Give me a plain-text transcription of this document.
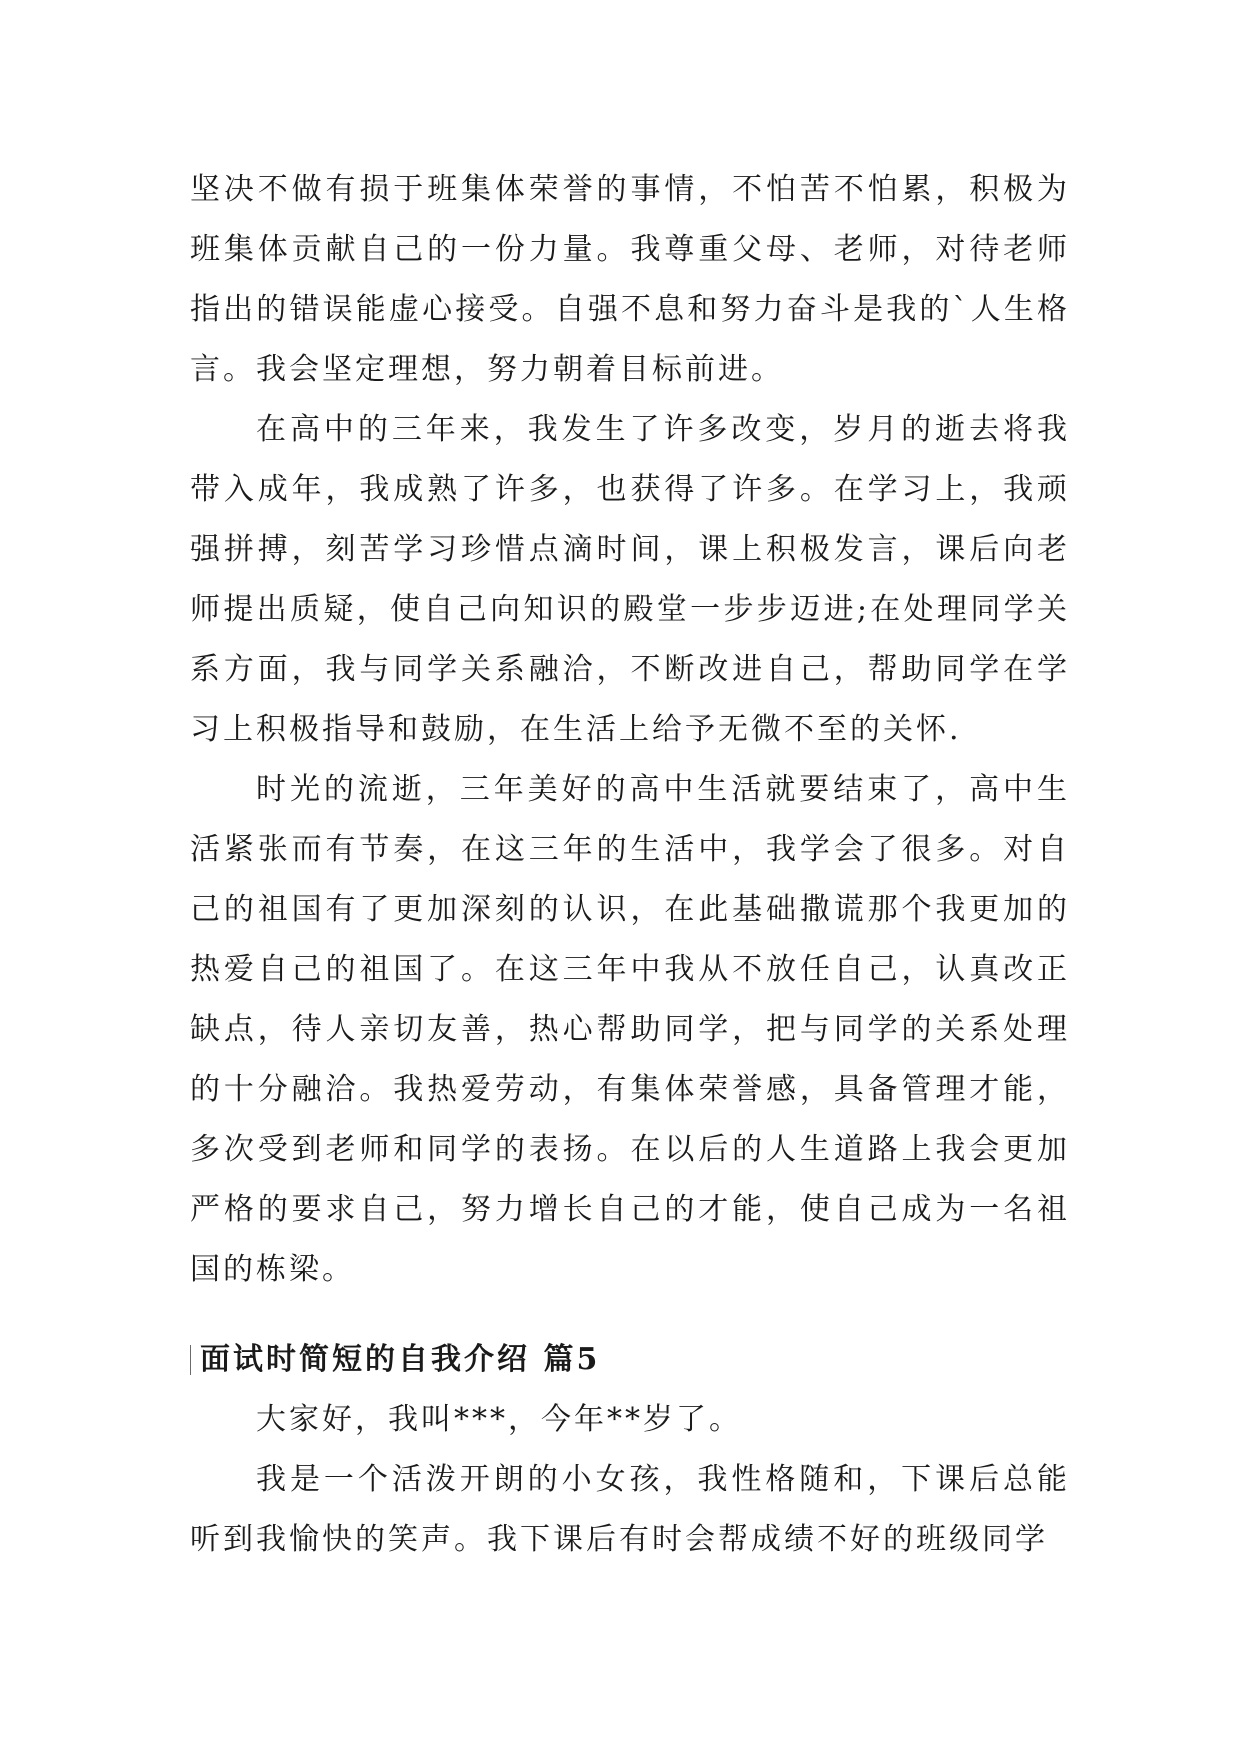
坚决不做有损于班集体荣誉的事情，不怕苦不怕累，积极为班集体贡献自己的一份力量。我尊重父母、老师，对待老师指出的错误能虚心接受。自强不息和努力奋斗是我的`人生格言。我会坚定理想，努力朝着目标前进。

在高中的三年来，我发生了许多改变，岁月的逝去将我带入成年，我成熟了许多，也获得了许多。在学习上，我顽强拼搏，刻苦学习珍惜点滴时间，课上积极发言，课后向老师提出质疑，使自己向知识的殿堂一步步迈进;在处理同学关系方面，我与同学关系融洽，不断改进自己，帮助同学在学习上积极指导和鼓励，在生活上给予无微不至的关怀.

时光的流逝，三年美好的高中生活就要结束了，高中生活紧张而有节奏，在这三年的生活中，我学会了很多。对自己的祖国有了更加深刻的认识，在此基础撒谎那个我更加的热爱自己的祖国了。在这三年中我从不放任自己，认真改正缺点，待人亲切友善，热心帮助同学，把与同学的关系处理的十分融洽。我热爱劳动，有集体荣誉感，具备管理才能，多次受到老师和同学的表扬。在以后的人生道路上我会更加严格的要求自己，努力增长自己的才能，使自己成为一名祖国的栋梁。

面试时简短的自我介绍 篇5

大家好，我叫***，今年**岁了。

我是一个活泼开朗的小女孩，我性格随和，下课后总能听到我愉快的笑声。我下课后有时会帮成绩不好的班级同学
